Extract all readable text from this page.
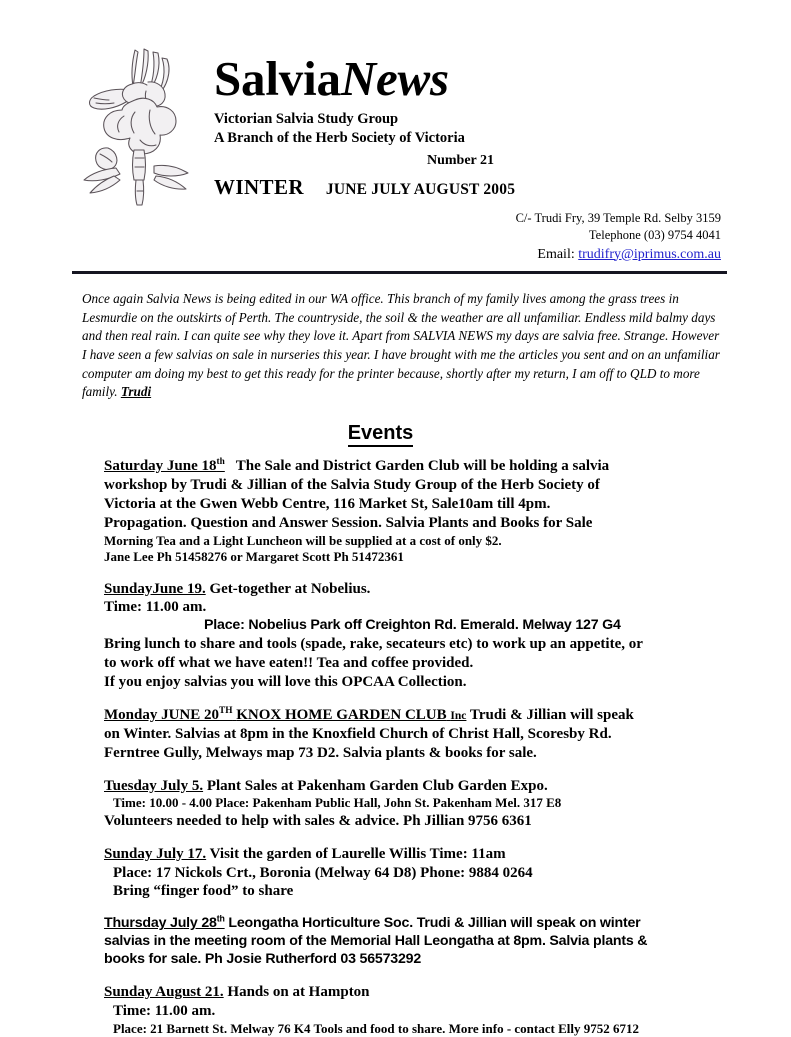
SalviaNews
Victorian Salvia Study Group
A Branch of the Herb Society of Victoria
Number 21
WINTER JUNE JULY AUGUST 2005
C/- Trudi Fry, 39 Temple Rd. Selby 3159
Telephone (03) 9754 4041
Email: trudifry@iprimus.com.au
Once again Salvia News is being edited in our WA office. This branch of my family lives among the grass trees in Lesmurdie on the outskirts of Perth. The countryside, the soil & the weather are all unfamiliar. Endless mild balmy days and then real rain. I can quite see why they love it. Apart from SALVIA NEWS my days are salvia free. Strange. However I have seen a few salvias on sale in nurseries this year. I have brought with me the articles you sent and on an unfamiliar computer am doing my best to get this ready for the printer because, shortly after my return, I am off to QLD to more family. Trudi
Events
Saturday June 18th The Sale and District Garden Club will be holding a salvia
workshop by Trudi & Jillian of the Salvia Study Group of the Herb Society of
Victoria at the Gwen Webb Centre, 116 Market St, Sale10am till 4pm.
Propagation. Question and Answer Session. Salvia Plants and Books for Sale
Morning Tea and a Light Luncheon will be supplied at a cost of only $2.
Jane Lee Ph 51458276 or Margaret Scott Ph 51472361
SundayJune 19. Get-together at Nobelius.
Time: 11.00 am.
Place: Nobelius Park off Creighton Rd. Emerald. Melway 127 G4
Bring lunch to share and tools (spade, rake, secateurs etc) to work up an appetite, or
to work off what we have eaten!! Tea and coffee provided.
If you enjoy salvias you will love this OPCAA Collection.
Monday JUNE 20TH KNOX HOME GARDEN CLUB Inc Trudi & Jillian will speak
on Winter. Salvias at 8pm in the Knoxfield Church of Christ Hall, Scoresby Rd.
Ferntree Gully, Melways map 73 D2. Salvia plants & books for sale.
Tuesday July 5. Plant Sales at Pakenham Garden Club Garden Expo.
Time: 10.00 - 4.00 Place: Pakenham Public Hall, John St. Pakenham Mel. 317 E8
Volunteers needed to help with sales & advice. Ph Jillian 9756 6361
Sunday July 17. Visit the garden of Laurelle Willis Time: 11am
Place: 17 Nickols Crt., Boronia (Melway 64 D8) Phone: 9884 0264
Bring “finger food” to share
Thursday July 28th Leongatha Horticulture Soc. Trudi & Jillian will speak on winter
salvias in the meeting room of the Memorial Hall Leongatha at 8pm. Salvia plants &
books for sale. Ph Josie Rutherford 03 56573292
Sunday August 21. Hands on at Hampton
Time: 11.00 am.
Place: 21 Barnett St. Melway 76 K4 Tools and food to share. More info - contact Elly 9752 6712
